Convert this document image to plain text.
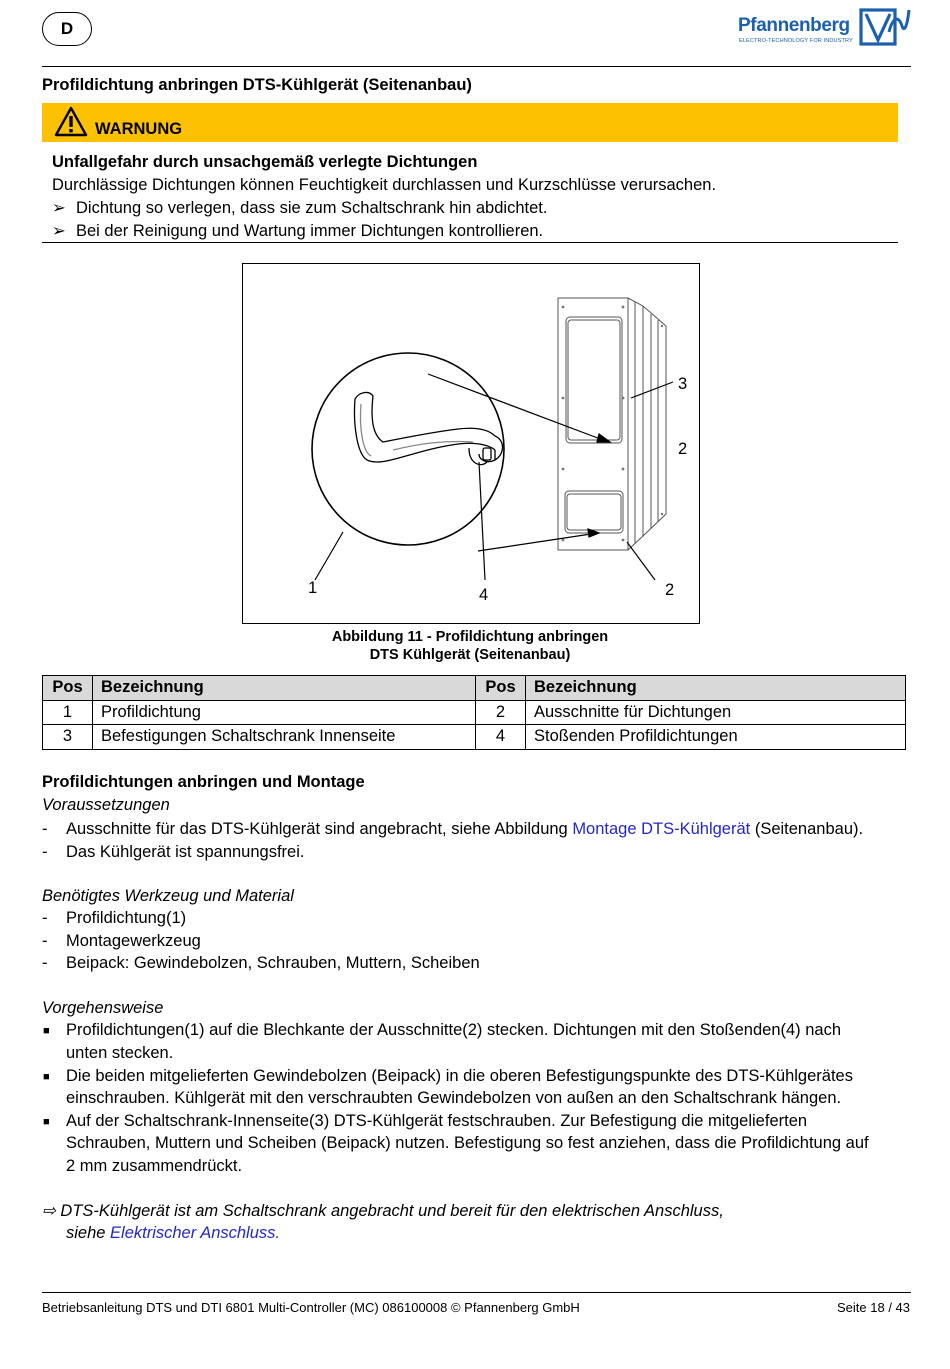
D	Pfannenberg
ELECTRO-TECHNOLOGY FOR INDUSTRY
Profildichtung anbringen DTS-Kühlgerät (Seitenanbau)
WARNUNG
Unfallgefahr durch unsachgemäß verlegte Dichtungen
Durchlässige Dichtungen können Feuchtigkeit durchlassen und Kurzschlüsse verursachen.
➢ Dichtung so verlegen, dass sie zum Schaltschrank hin abdichtet.
➢ Bei der Reinigung und Wartung immer Dichtungen kontrollieren.
3
2
1	4	2
Abbildung 11 - Profildichtung anbringen
DTS Kühlgerät (Seitenanbau)
Pos	Bezeichnung	Pos	Bezeichnung
1	Profildichtung	2	Ausschnitte für Dichtungen
3	Befestigungen Schaltschrank Innenseite	4	Stoßenden Profildichtungen
Profildichtungen anbringen und Montage
Voraussetzungen
- Ausschnitte für das DTS-Kühlgerät sind angebracht, siehe Abbildung Montage DTS-Kühlgerät (Seitenanbau).
- Das Kühlgerät ist spannungsfrei.
Benötigtes Werkzeug und Material
- Profildichtung(1)
- Montagewerkzeug
- Beipack: Gewindebolzen, Schrauben, Muttern, Scheiben
Vorgehensweise
■ Profildichtungen(1) auf die Blechkante der Ausschnitte(2) stecken. Dichtungen mit den Stoßenden(4) nach
unten stecken.
■ Die beiden mitgelieferten Gewindebolzen (Beipack) in die oberen Befestigungspunkte des DTS-Kühlgerätes
einschrauben. Kühlgerät mit den verschraubten Gewindebolzen von außen an den Schaltschrank hängen.
■ Auf der Schaltschrank-Innenseite(3) DTS-Kühlgerät festschrauben. Zur Befestigung die mitgelieferten
Schrauben, Muttern und Scheiben (Beipack) nutzen. Befestigung so fest anziehen, dass die Profildichtung auf
2 mm zusammendrückt.
⇨ DTS-Kühlgerät ist am Schaltschrank angebracht und bereit für den elektrischen Anschluss,
siehe Elektrischer Anschluss.
Betriebsanleitung DTS und DTI 6801 Multi-Controller (MC) 086100008 © Pfannenberg GmbH	Seite 18 / 43
